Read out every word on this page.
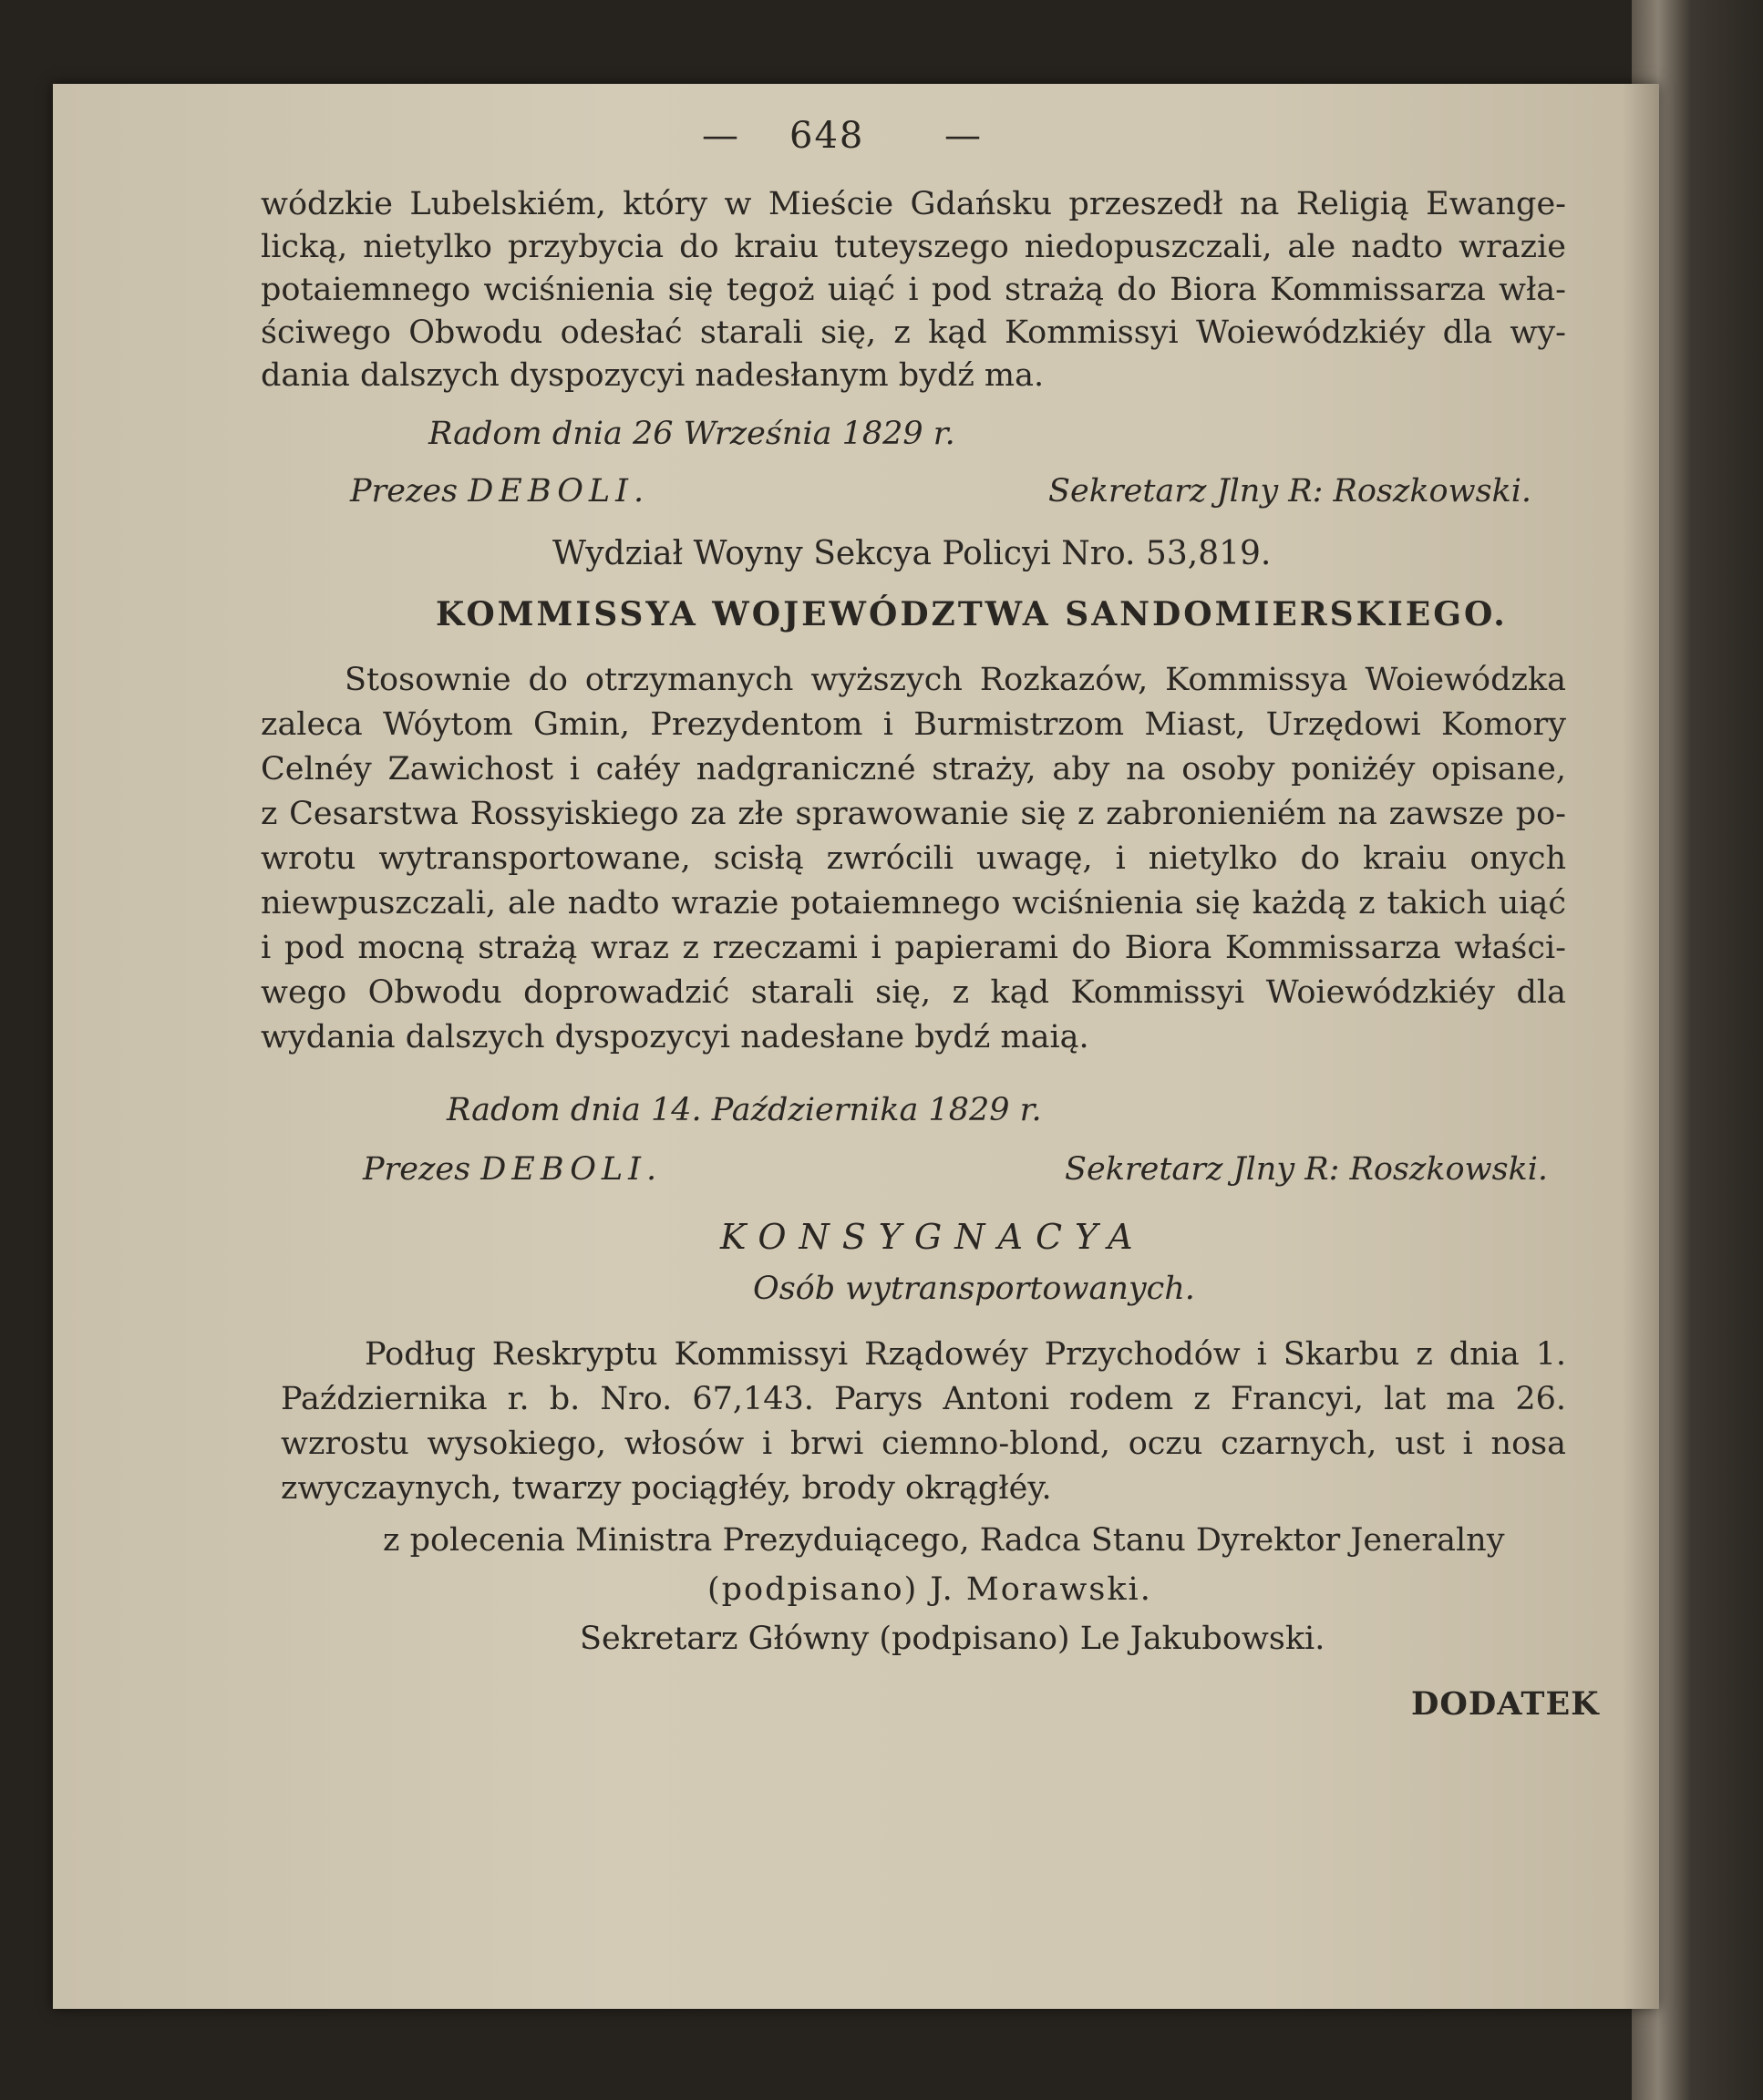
— 648 —
wódzkie Lubelskiém, który w Mieście Gdańsku przeszedł na Religią Ewange-
licką, nietylko przybycia do kraiu tuteyszego niedopuszczali, ale nadto wrazie
potaiemnego wciśnienia się tegoż uiąć i pod strażą do Biora Kommissarza wła-
ściwego Obwodu odesłać starali się, z kąd Kommissyi Woiewódzkiéy dla wy-
dania dalszych dyspozycyi nadesłanym bydź ma.
Radom dnia 26 Września 1829 r.
Prezes DEBOLI.	Sekretarz Jlny R: Roszkowski.
Wydział Woyny Sekcya Policyi Nro. 53,819.
KOMMISSYA WOJEWÓDZTWA SANDOMIERSKIEGO.
Stosownie do otrzymanych wyższych Rozkazów, Kommissya Woiewódzka
zaleca Wóytom Gmin, Prezydentom i Burmistrzom Miast, Urzędowi Komory
Celnéy Zawichost i całéy nadgraniczné straży, aby na osoby poniżéy opisane,
z Cesarstwa Rossyiskiego za złe sprawowanie się z zabronieniém na zawsze po-
wrotu wytransportowane, scisłą zwrócili uwagę, i nietylko do kraiu onych
niewpuszczali, ale nadto wrazie potaiemnego wciśnienia się każdą z takich uiąć
i pod mocną strażą wraz z rzeczami i papierami do Biora Kommissarza właści-
wego Obwodu doprowadzić starali się, z kąd Kommissyi Woiewódzkiéy dla
wydania dalszych dyspozycyi nadesłane bydź maią.
Radom dnia 14. Października 1829 r.
Prezes DEBOLI.	Sekretarz Jlny R: Roszkowski.
KONSYGNACYA
Osób wytransportowanych.
Podług Reskryptu Kommissyi Rządowéy Przychodów i Skarbu z dnia 1.
Października r. b. Nro. 67,143. Parys Antoni rodem z Francyi, lat ma 26.
wzrostu wysokiego, włosów i brwi ciemno-blond, oczu czarnych, ust i nosa
zwyczaynych, twarzy pociągłéy, brody okrągłéy.
z polecenia Ministra Prezyduiącego, Radca Stanu Dyrektor Jeneralny
(podpisano) J. Morawski.
Sekretarz Główny (podpisano) Le Jakubowski.
DODATEK
